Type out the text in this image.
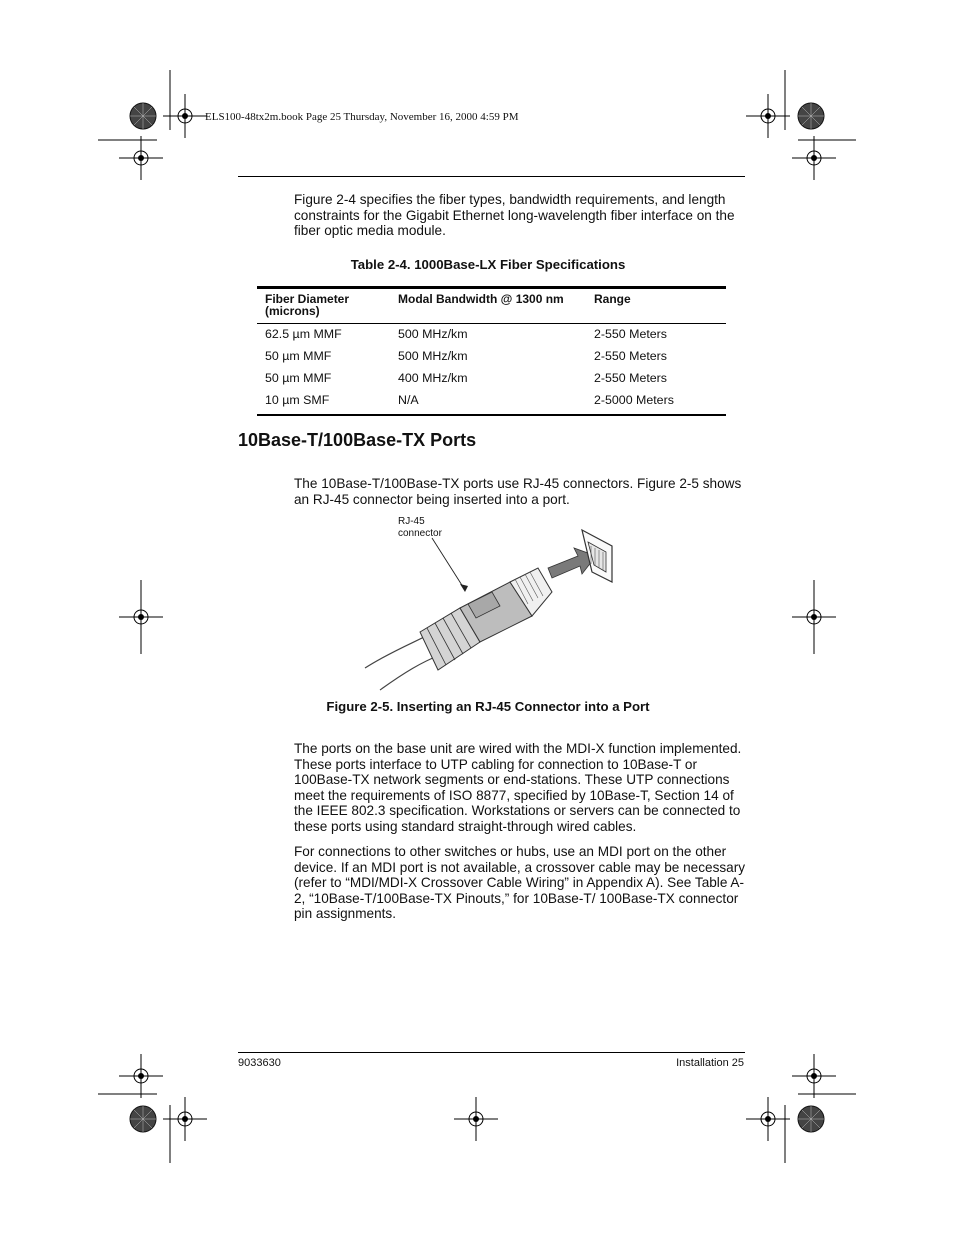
ELS100-48tx2m.book Page 25 Thursday, November 16, 2000 4:59 PM
Figure 2-4 specifies the fiber types, bandwidth requirements, and length constraints for the Gigabit Ethernet long-wavelength fiber interface on the fiber optic media module.
Table 2-4. 1000Base-LX Fiber Specifications
Fiber Diameter (microns)	Modal Bandwidth @ 1300 nm	Range
62.5 µm MMF	500 MHz/km	2-550 Meters
50 µm MMF	500 MHz/km	2-550 Meters
50 µm MMF	400 MHz/km	2-550 Meters
10 µm SMF	N/A	2-5000 Meters
10Base-T/100Base-TX Ports
The 10Base-T/100Base-TX ports use RJ-45 connectors. Figure 2-5 shows an RJ-45 connector being inserted into a port.
RJ-45
connector
Figure 2-5. Inserting an RJ-45 Connector into a Port
The ports on the base unit are wired with the MDI-X function implemented. These ports interface to UTP cabling for connection to 10Base-T or 100Base-TX network segments or end-stations. These UTP connections meet the requirements of ISO 8877, specified by 10Base-T, Section 14 of the IEEE 802.3 specification. Workstations or servers can be connected to these ports using standard straight-through wired cables.
For connections to other switches or hubs, use an MDI port on the other device. If an MDI port is not available, a crossover cable may be necessary (refer to “MDI/MDI-X Crossover Cable Wiring” in Appendix A). See Table A-2, “10Base-T/100Base-TX Pinouts,” for 10Base-T/ 100Base-TX connector pin assignments.
9033630	Installation 25
